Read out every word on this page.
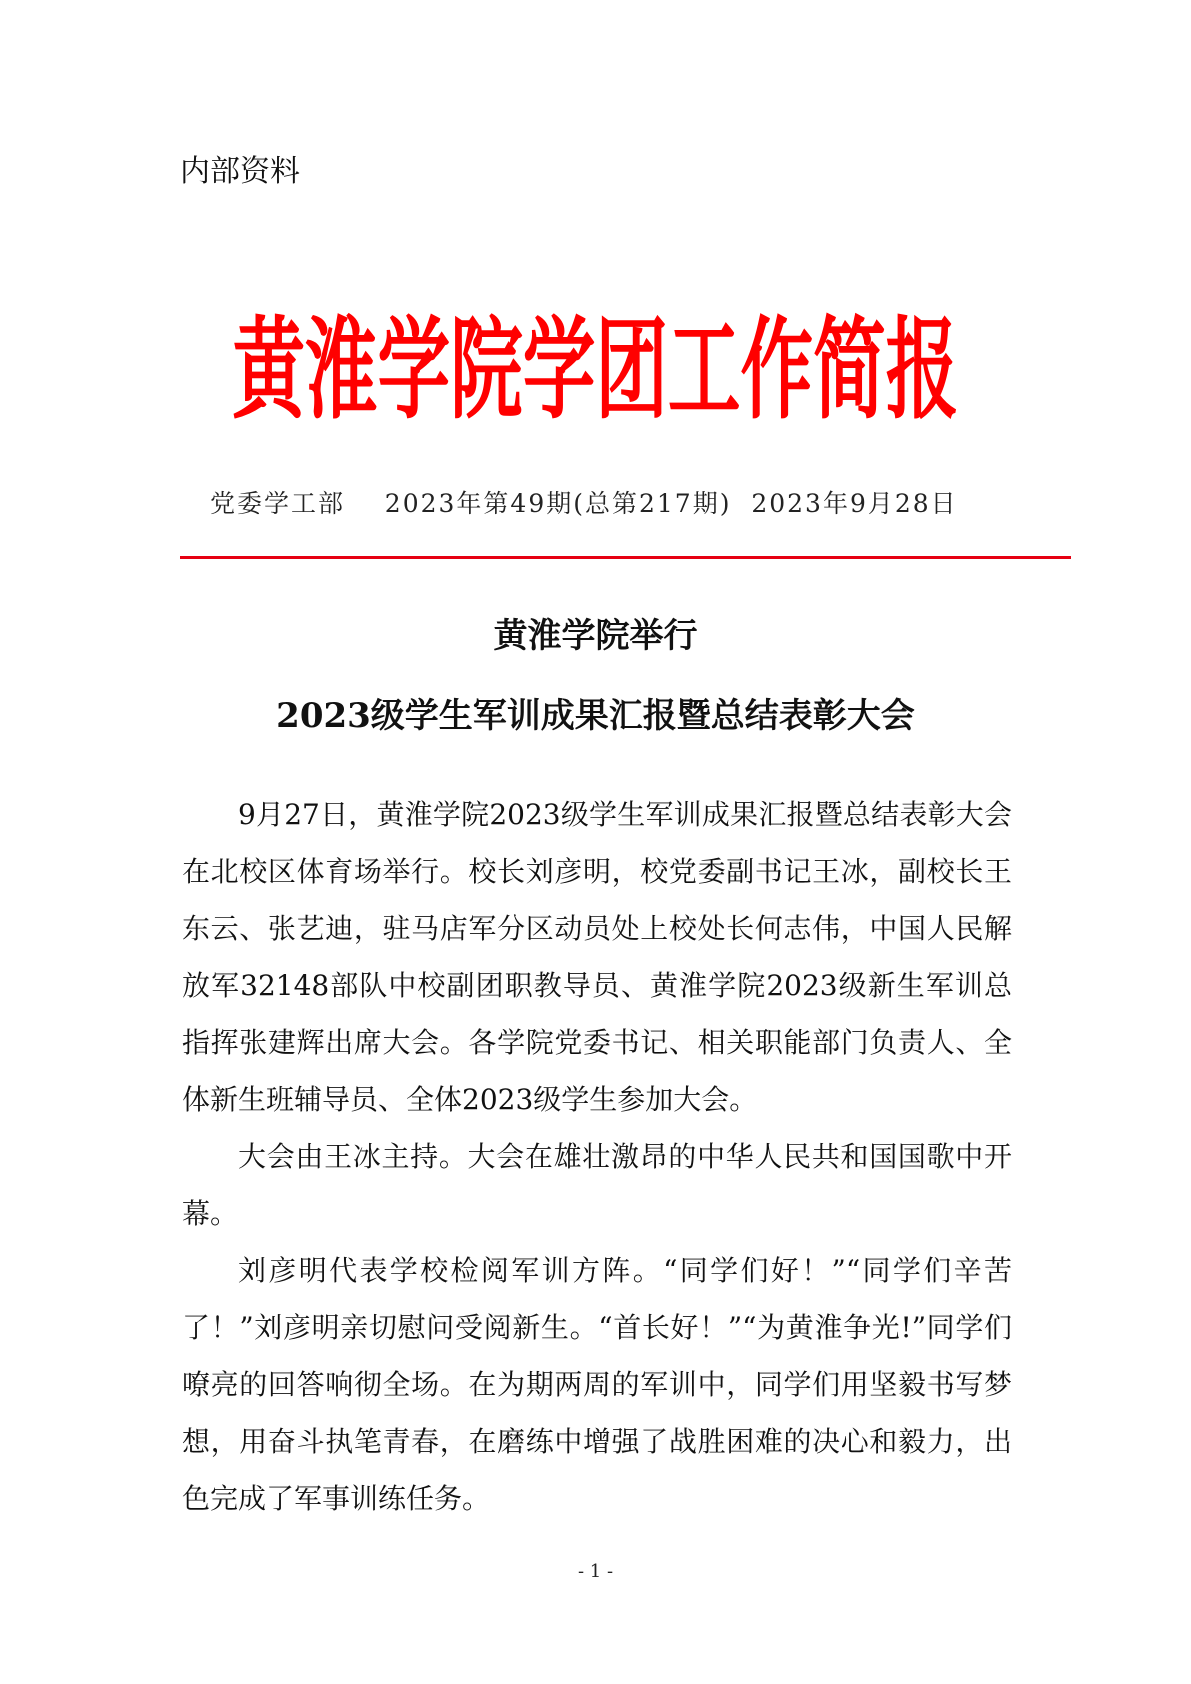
内部资料
黄淮学院学团工作简报
党委学工部    2023年第49期(总第217期)  2023年9月28日
黄淮学院举行
2023级学生军训成果汇报暨总结表彰大会

9月27日，黄淮学院2023级学生军训成果汇报暨总结表彰大会在北校区体育场举行。校长刘彦明，校党委副书记王冰，副校长王东云、张艺迪，驻马店军分区动员处上校处长何志伟，中国人民解放军32148部队中校副团职教导员、黄淮学院2023级新生军训总指挥张建辉出席大会。各学院党委书记、相关职能部门负责人、全体新生班辅导员、全体2023级学生参加大会。

大会由王冰主持。大会在雄壮激昂的中华人民共和国国歌中开幕。

刘彦明代表学校检阅军训方阵。“同学们好！”“同学们辛苦了！”刘彦明亲切慰问受阅新生。“首长好！”“为黄淮争光!”同学们嘹亮的回答响彻全场。在为期两周的军训中，同学们用坚毅书写梦想，用奋斗执笔青春，在磨练中增强了战胜困难的决心和毅力，出色完成了军事训练任务。

- 1 -
